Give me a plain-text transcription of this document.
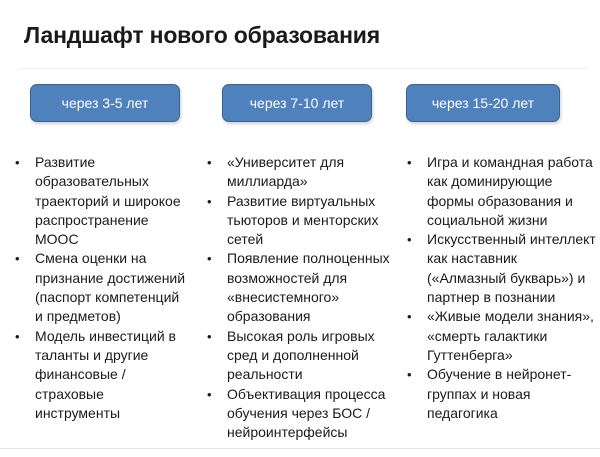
Ландшафт нового образования
через 3-5 лет	через 7-10 лет	через 15-20 лет
• Развитие
образовательных
траекторий и широкое
распространение
MOOC
• Смена оценки на
признание достижений
(паспорт компетенций
и предметов)
• Модель инвестиций в
таланты и другие
финансовые /
страховые
инструменты
• «Университет для
миллиарда»
• Развитие виртуальных
тьюторов и менторских
сетей
• Появление полноценных
возможностей для
«внесистемного»
образования
• Высокая роль игровых
сред и дополненной
реальности
• Объективация процесса
обучения через БОС /
нейроинтерфейсы
• Игра и командная работа
как доминирующие
формы образования и
социальной жизни
• Искусственный интеллект
как наставник
(«Алмазный букварь») и
партнер в познании
• «Живые модели знания»,
«смерть галактики
Гуттенберга»
• Обучение в нейронет-
группах и новая
педагогика
